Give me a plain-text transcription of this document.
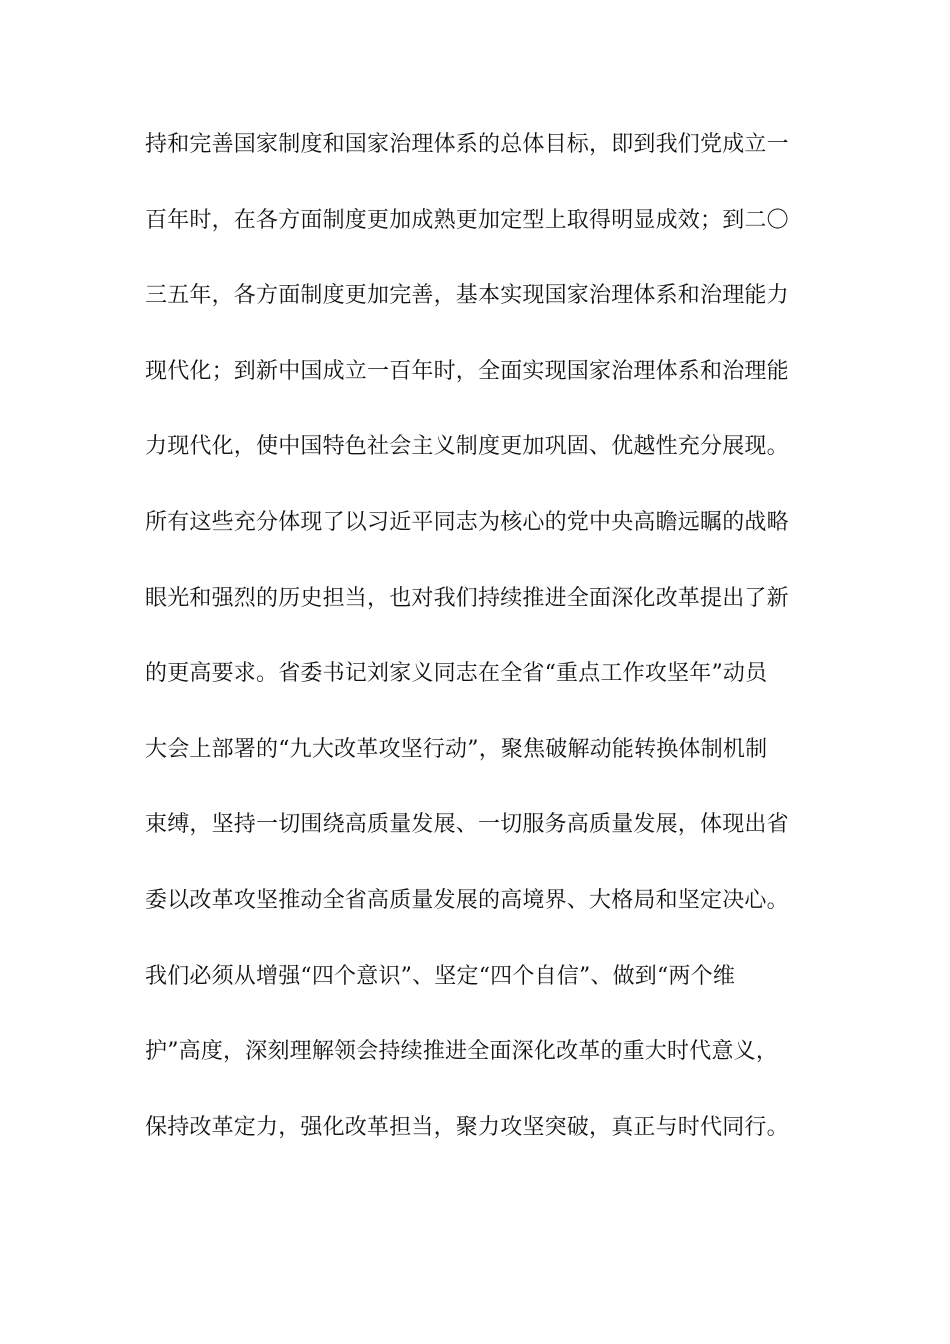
持和完善国家制度和国家治理体系的总体目标，即到我们党成立一
百年时，在各方面制度更加成熟更加定型上取得明显成效；到二〇
三五年，各方面制度更加完善，基本实现国家治理体系和治理能力
现代化；到新中国成立一百年时，全面实现国家治理体系和治理能
力现代化，使中国特色社会主义制度更加巩固、优越性充分展现。
所有这些充分体现了以习近平同志为核心的党中央高瞻远瞩的战略
眼光和强烈的历史担当，也对我们持续推进全面深化改革提出了新
的更高要求。省委书记刘家义同志在全省“重点工作攻坚年”动员
大会上部署的“九大改革攻坚行动”，聚焦破解动能转换体制机制
束缚，坚持一切围绕高质量发展、一切服务高质量发展，体现出省
委以改革攻坚推动全省高质量发展的高境界、大格局和坚定决心。
我们必须从增强“四个意识”、坚定“四个自信”、做到“两个维
护”高度，深刻理解领会持续推进全面深化改革的重大时代意义，
保持改革定力，强化改革担当，聚力攻坚突破，真正与时代同行。
